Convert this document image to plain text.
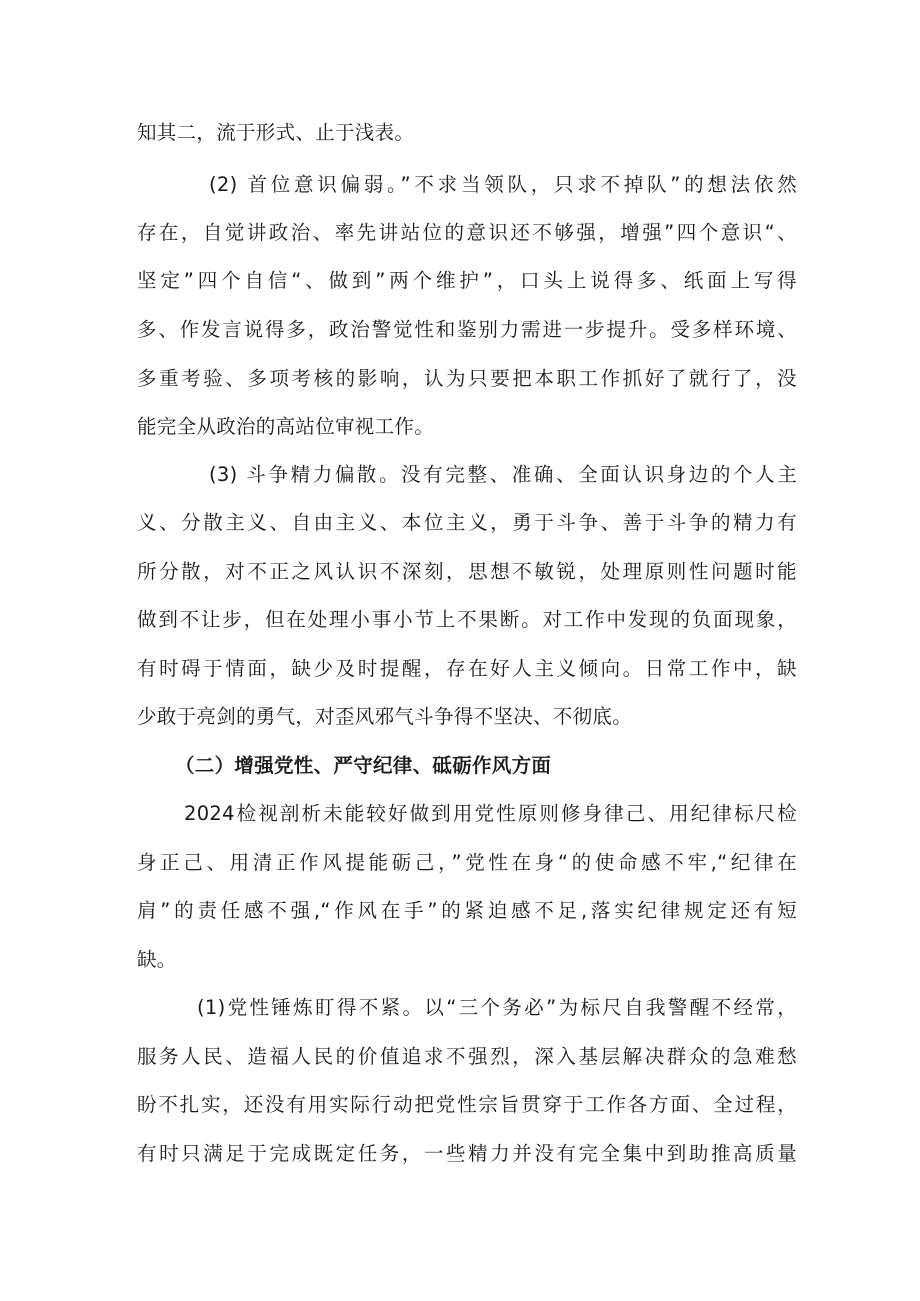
知其二，流于形式、止于浅表。
(2) 首位意识偏弱。”不求当领队，只求不掉队”的想法依然
存在，自觉讲政治、率先讲站位的意识还不够强，增强”四个意识“、
坚定”四个自信“、做到”两个维护”，口头上说得多、纸面上写得
多、作发言说得多，政治警觉性和鉴别力需进一步提升。受多样环境、
多重考验、多项考核的影响，认为只要把本职工作抓好了就行了，没
能完全从政治的高站位审视工作。
(3) 斗争精力偏散。没有完整、准确、全面认识身边的个人主
义、分散主义、自由主义、本位主义，勇于斗争、善于斗争的精力有
所分散，对不正之风认识不深刻，思想不敏锐，处理原则性问题时能
做到不让步，但在处理小事小节上不果断。对工作中发现的负面现象，
有时碍于情面，缺少及时提醒，存在好人主义倾向。日常工作中，缺
少敢于亮剑的勇气，对歪风邪气斗争得不坚决、不彻底。
（二）增强党性、严守纪律、砥砺作风方面
2024检视剖析未能较好做到用党性原则修身律己、用纪律标尺检
身正己、用清正作风提能砺己，”党性在身“的使命感不牢,“纪律在
肩”的责任感不强,“作风在手”的紧迫感不足,落实纪律规定还有短
缺。
(1)党性锤炼盯得不紧。以“三个务必”为标尺自我警醒不经常，
服务人民、造福人民的价值追求不强烈，深入基层解决群众的急难愁
盼不扎实，还没有用实际行动把党性宗旨贯穿于工作各方面、全过程，
有时只满足于完成既定任务，一些精力并没有完全集中到助推高质量
